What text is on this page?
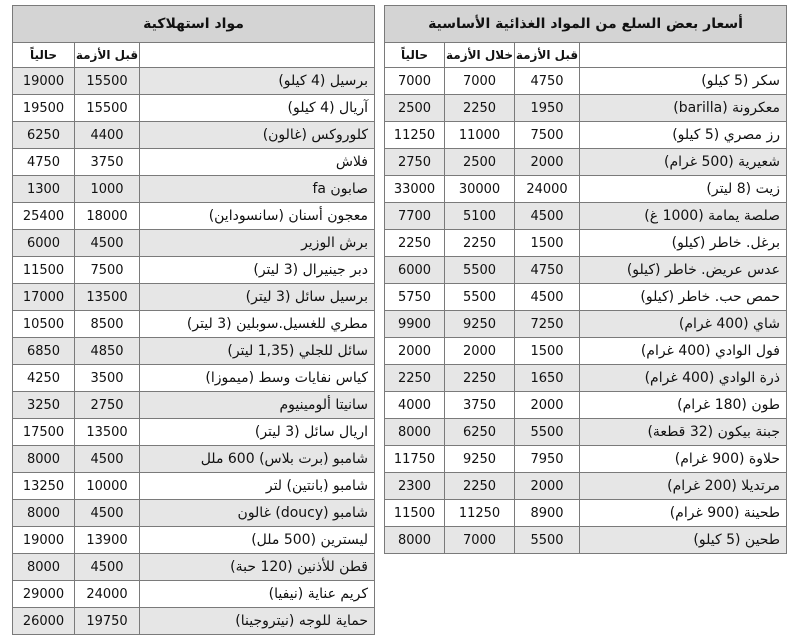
مواد استهلاكية		
حالياً	قبل الأزمة	
19000	15500	برسيل (4 كيلو)
19500	15500	آريال (4 كيلو)
6250	4400	كلوروكس (غالون)
4750	3750	فلاش
1300	1000	صابون fa
25400	18000	معجون أسنان (سانسوداين)
6000	4500	برش الوزير
11500	7500	دبر جينيرال (3 ليتر)
17000	13500	برسيل سائل (3 ليتر)
10500	8500	مطري للغسيل.سوبلين (3 ليتر)
6850	4850	سائل للجلي (1,35 ليتر)
4250	3500	كياس نفايات وسط (ميموزا)
3250	2750	سانيتا ألومينيوم
17500	13500	اريال سائل (3 ليتر)
8000	4500	شامبو (برت بلاس) 600 ملل
13250	10000	شامبو (بانتين) لتر
8000	4500	شامبو (doucy) غالون
19000	13900	ليسترين (500 ملل)
8000	4500	قطن للأذنين (120 حبة)
29000	24000	كريم عناية (نيفيا)
26000	19750	حماية للوجه (نيتروجينا)
أسعار بعض السلع من المواد الغذائية الأساسية			
حالياً	خلال الأزمة	قبل الأزمة	
7000	7000	4750	سكر (5 كيلو)
2500	2250	1950	معكرونة (barilla)
11250	11000	7500	رز مصري (5 كيلو)
2750	2500	2000	شعيرية (500 غرام)
33000	30000	24000	زيت (8 ليتر)
7700	5100	4500	صلصة يمامة (1000 غ)
2250	2250	1500	برغل. خاطر (كيلو)
6000	5500	4750	عدس عريض. خاطر (كيلو)
5750	5500	4500	حمص حب. خاطر (كيلو)
9900	9250	7250	شاي (400 غرام)
2000	2000	1500	فول الوادي (400 غرام)
2250	2250	1650	ذرة الوادي (400 غرام)
4000	3750	2000	طون (180 غرام)
8000	6250	5500	جبنة بيكون (32 قطعة)
11750	9250	7950	حلاوة (900 غرام)
2300	2250	2000	مرتديلا (200 غرام)
11500	11250	8900	طحينة (900 غرام)
8000	7000	5500	طحين (5 كيلو)
